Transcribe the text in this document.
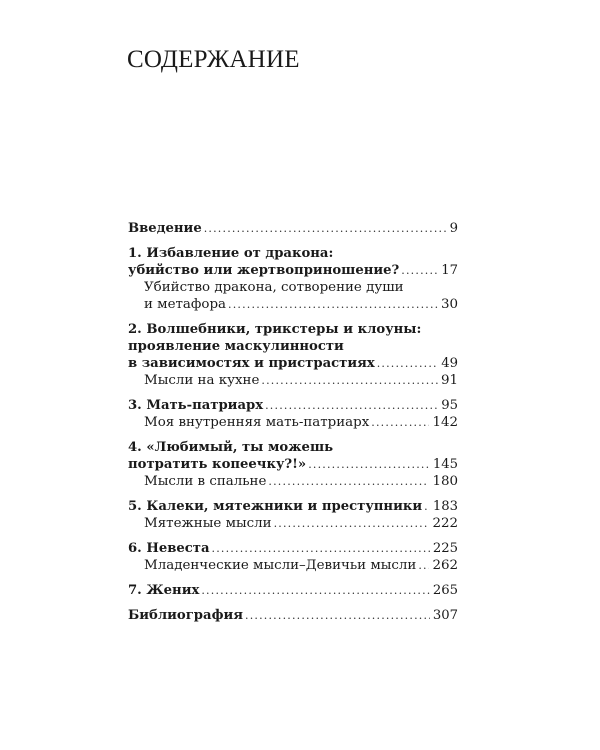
СОДЕРЖАНИЕ
Введение .....	9
1. Избавление от дракона:
убийство или жертвоприношение? .....	17
Убийство дракона, сотворение души
и метафора .....	30
2. Волшебники, трикстеры и клоуны:
проявление маскулинности
в зависимостях и пристрастиях .....	49
Мысли на кухне .....	91
3. Мать-патриарх .....	95
Моя внутренняя мать-патриарх .....	142
4. «Любимый, ты можешь
потратить копеечку?!» .....	145
Мысли в спальне .....	180
5. Калеки, мятежники и преступники ..... 183
Мятежные мысли .....	222
6. Невеста .....	225
Младенческие мысли–Девичьи мысли ..... 262
7. Жених .....	265
Библиография .....	307
